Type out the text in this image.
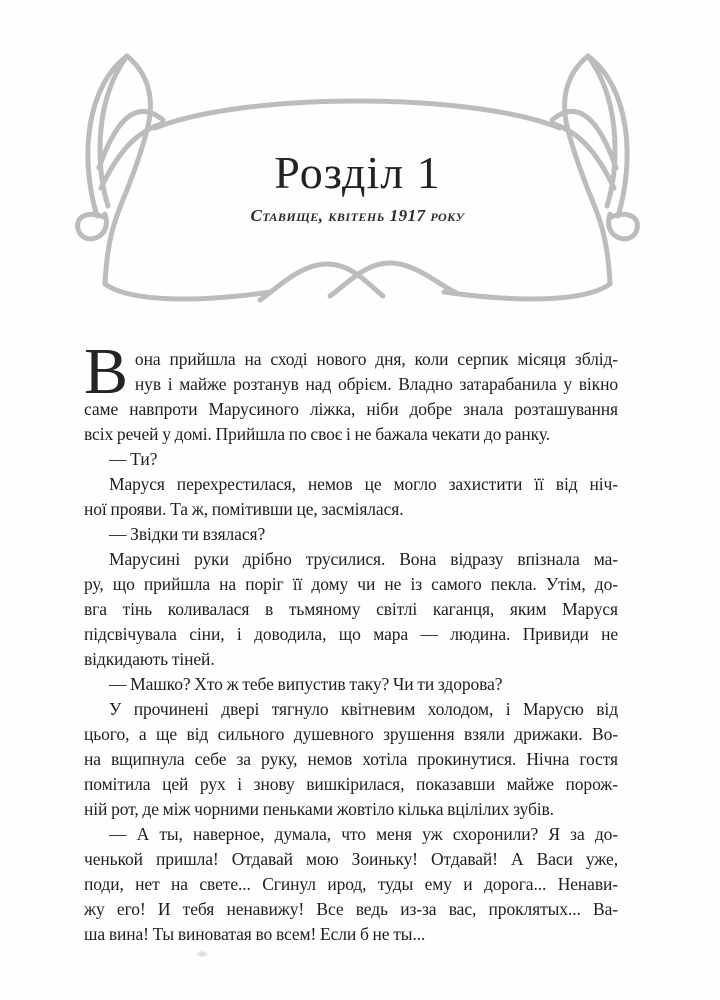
Розділ 1
Ставище, квітень 1917 року
В она прийшла на сході нового дня, коли серпик місяця зблід-
нув і майже розтанув над обрієм. Владно затарабанила у вікно
саме навпроти Марусиного ліжка, ніби добре знала розташування
всіх речей у домі. Прийшла по своє і не бажала чекати до ранку.
— Ти?
Маруся перехрестилася, немов це могло захистити її від ніч-
ної прояви. Та ж, помітивши це, засміялася.
— Звідки ти взялася?
Марусині руки дрібно трусилися. Вона відразу впізнала ма-
ру, що прийшла на поріг її дому чи не із самого пекла. Утім, до-
вга тінь коливалася в тьмяному світлі каганця, яким Маруся
підсвічувала сіни, і доводила, що мара — людина. Привиди не
відкидають тіней.
— Машко? Хто ж тебе випустив таку? Чи ти здорова?
У прочинені двері тягнуло квітневим холодом, і Марусю від
цього, а ще від сильного душевного зрушення взяли дрижаки. Во-
на вщипнула себе за руку, немов хотіла прокинутися. Нічна гостя
помітила цей рух і знову вишкірилася, показавши майже порож-
ній рот, де між чорними пеньками жовтіло кілька вцілілих зубів.
— А ты, наверное, думала, что меня уж схоронили? Я за до-
ченькой пришла! Отдавай мою Зоиньку! Отдавай! А Васи уже,
поди, нет на свете... Сгинул ирод, туды ему и дорога... Ненави-
жу его! И тебя ненавижу! Все ведь из-за вас, проклятых... Ва-
ша вина! Ты виноватая во всем! Если б не ты...
